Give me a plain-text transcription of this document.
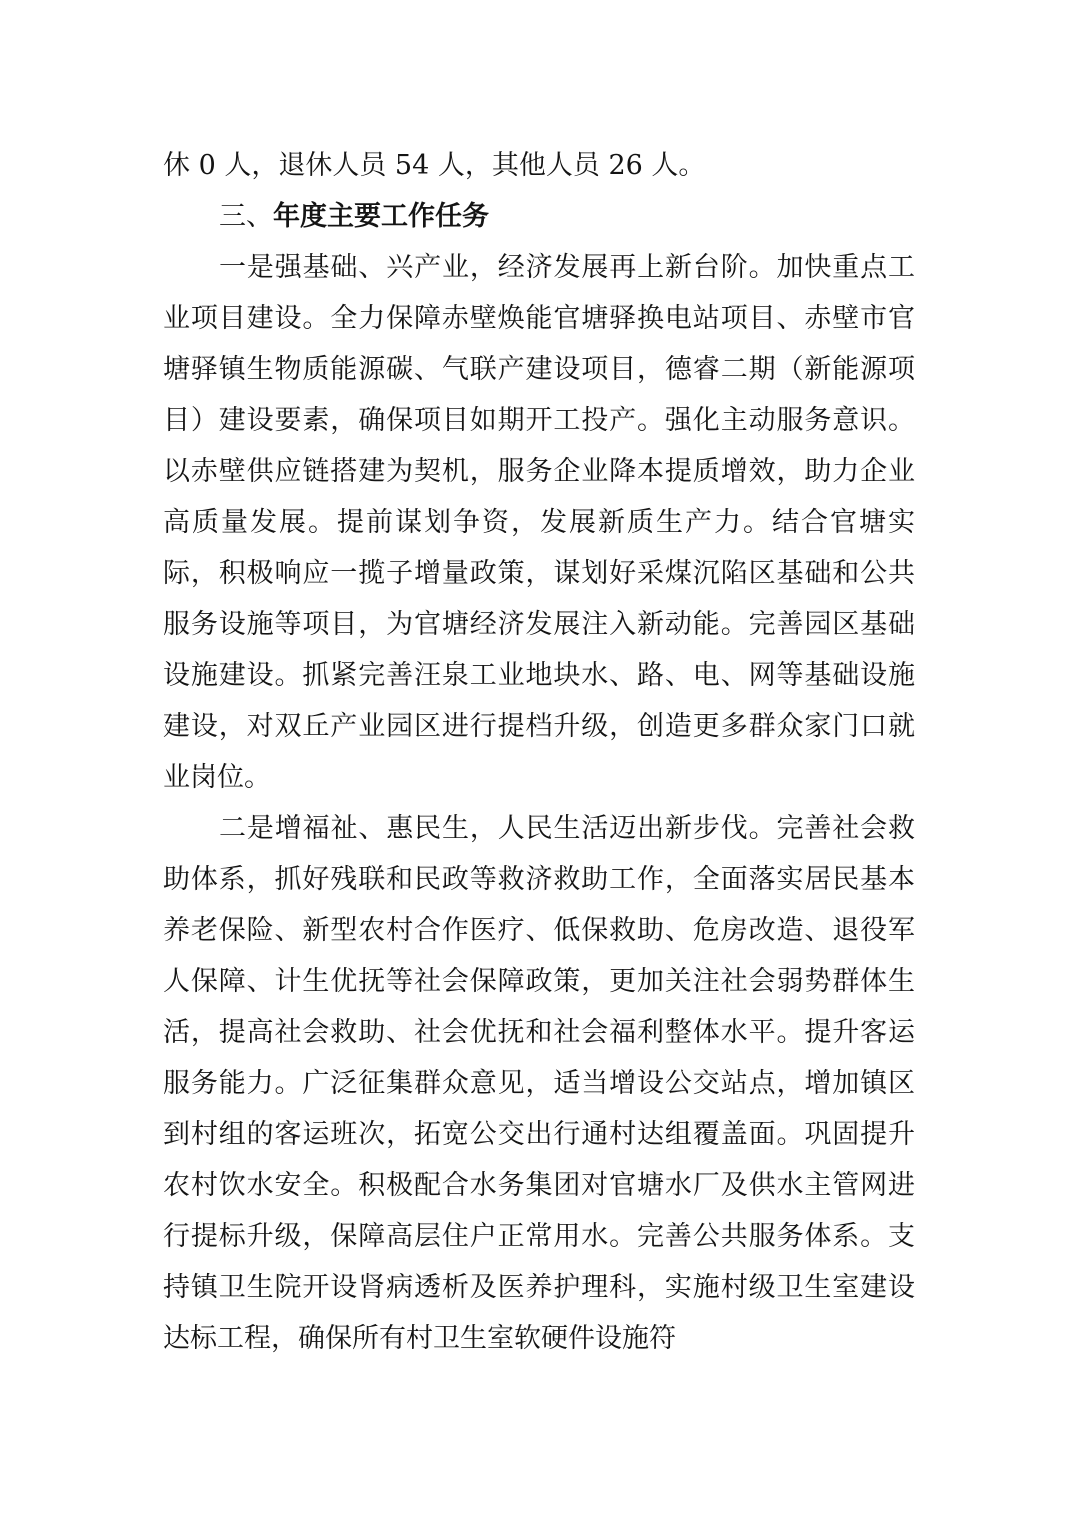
休 0 人，退休人员 54 人，其他人员 26 人。

三、年度主要工作任务

一是强基础、兴产业，经济发展再上新台阶。加快重点工业项目建设。全力保障赤壁焕能官塘驿换电站项目、赤壁市官塘驿镇生物质能源碳、气联产建设项目，德睿二期（新能源项目）建设要素，确保项目如期开工投产。强化主动服务意识。以赤壁供应链搭建为契机，服务企业降本提质增效，助力企业高质量发展。提前谋划争资，发展新质生产力。结合官塘实际，积极响应一揽子增量政策，谋划好采煤沉陷区基础和公共服务设施等项目，为官塘经济发展注入新动能。完善园区基础设施建设。抓紧完善汪泉工业地块水、路、电、网等基础设施建设，对双丘产业园区进行提档升级，创造更多群众家门口就业岗位。

二是增福祉、惠民生，人民生活迈出新步伐。完善社会救助体系，抓好残联和民政等救济救助工作，全面落实居民基本养老保险、新型农村合作医疗、低保救助、危房改造、退役军人保障、计生优抚等社会保障政策，更加关注社会弱势群体生活，提高社会救助、社会优抚和社会福利整体水平。提升客运服务能力。广泛征集群众意见，适当增设公交站点，增加镇区到村组的客运班次，拓宽公交出行通村达组覆盖面。巩固提升农村饮水安全。积极配合水务集团对官塘水厂及供水主管网进行提标升级，保障高层住户正常用水。完善公共服务体系。支持镇卫生院开设肾病透析及医养护理科，实施村级卫生室建设达标工程，确保所有村卫生室软硬件设施符
